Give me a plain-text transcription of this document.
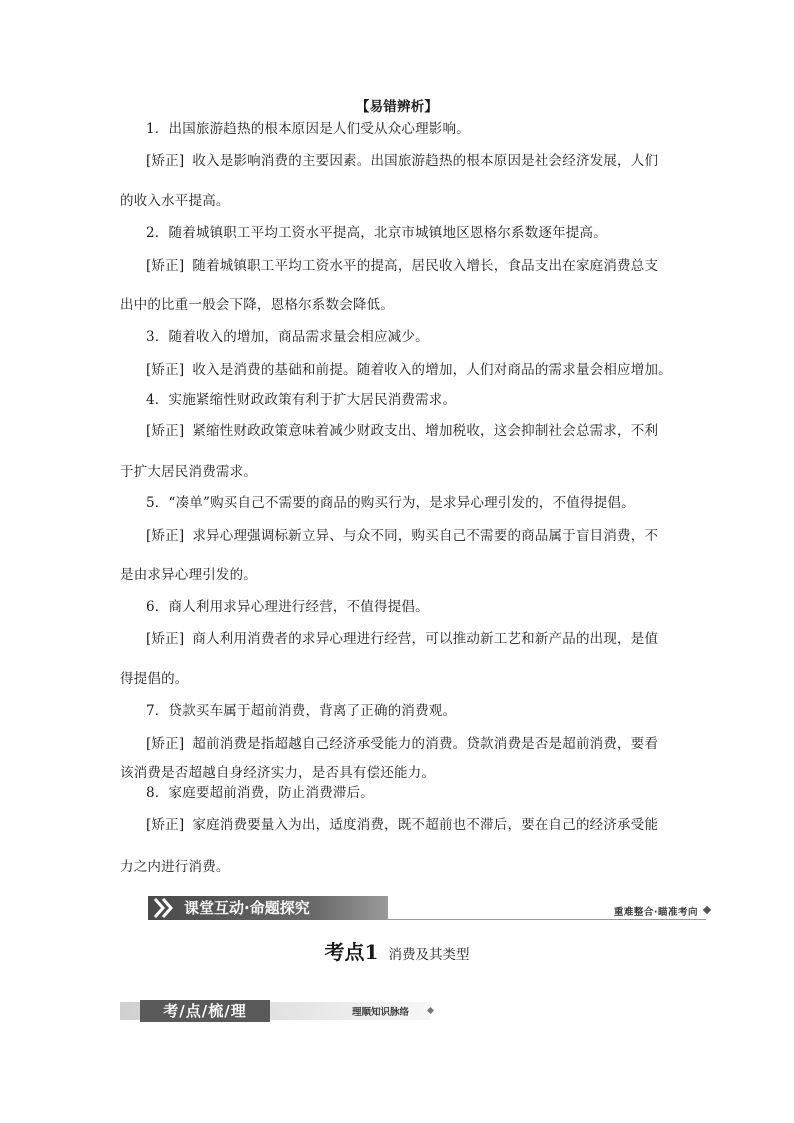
【易错辨析】
1．出国旅游趋热的根本原因是人们受从众心理影响。
[矫正] 收入是影响消费的主要因素。出国旅游趋热的根本原因是社会经济发展，人们
的收入水平提高。
2．随着城镇职工平均工资水平提高，北京市城镇地区恩格尔系数逐年提高。
[矫正] 随着城镇职工平均工资水平的提高，居民收入增长，食品支出在家庭消费总支
出中的比重一般会下降，恩格尔系数会降低。
3．随着收入的增加，商品需求量会相应减少。
[矫正] 收入是消费的基础和前提。随着收入的增加，人们对商品的需求量会相应增加。
4．实施紧缩性财政政策有利于扩大居民消费需求。
[矫正] 紧缩性财政政策意味着减少财政支出、增加税收，这会抑制社会总需求，不利
于扩大居民消费需求。
5．“凑单”购买自己不需要的商品的购买行为，是求异心理引发的，不值得提倡。
[矫正] 求异心理强调标新立异、与众不同，购买自己不需要的商品属于盲目消费，不
是由求异心理引发的。
6．商人利用求异心理进行经营，不值得提倡。
[矫正] 商人利用消费者的求异心理进行经营，可以推动新工艺和新产品的出现，是值
得提倡的。
7．贷款买车属于超前消费，背离了正确的消费观。
[矫正] 超前消费是指超越自己经济承受能力的消费。贷款消费是否是超前消费，要看
该消费是否超越自身经济实力，是否具有偿还能力。
8．家庭要超前消费，防止消费滞后。
[矫正] 家庭消费要量入为出，适度消费，既不超前也不滞后，要在自己的经济承受能
力之内进行消费。
课堂互动·命题探究	重难整合·瞄准考向
考点1 消费及其类型
考/点/梳/理	理顺知识脉络
